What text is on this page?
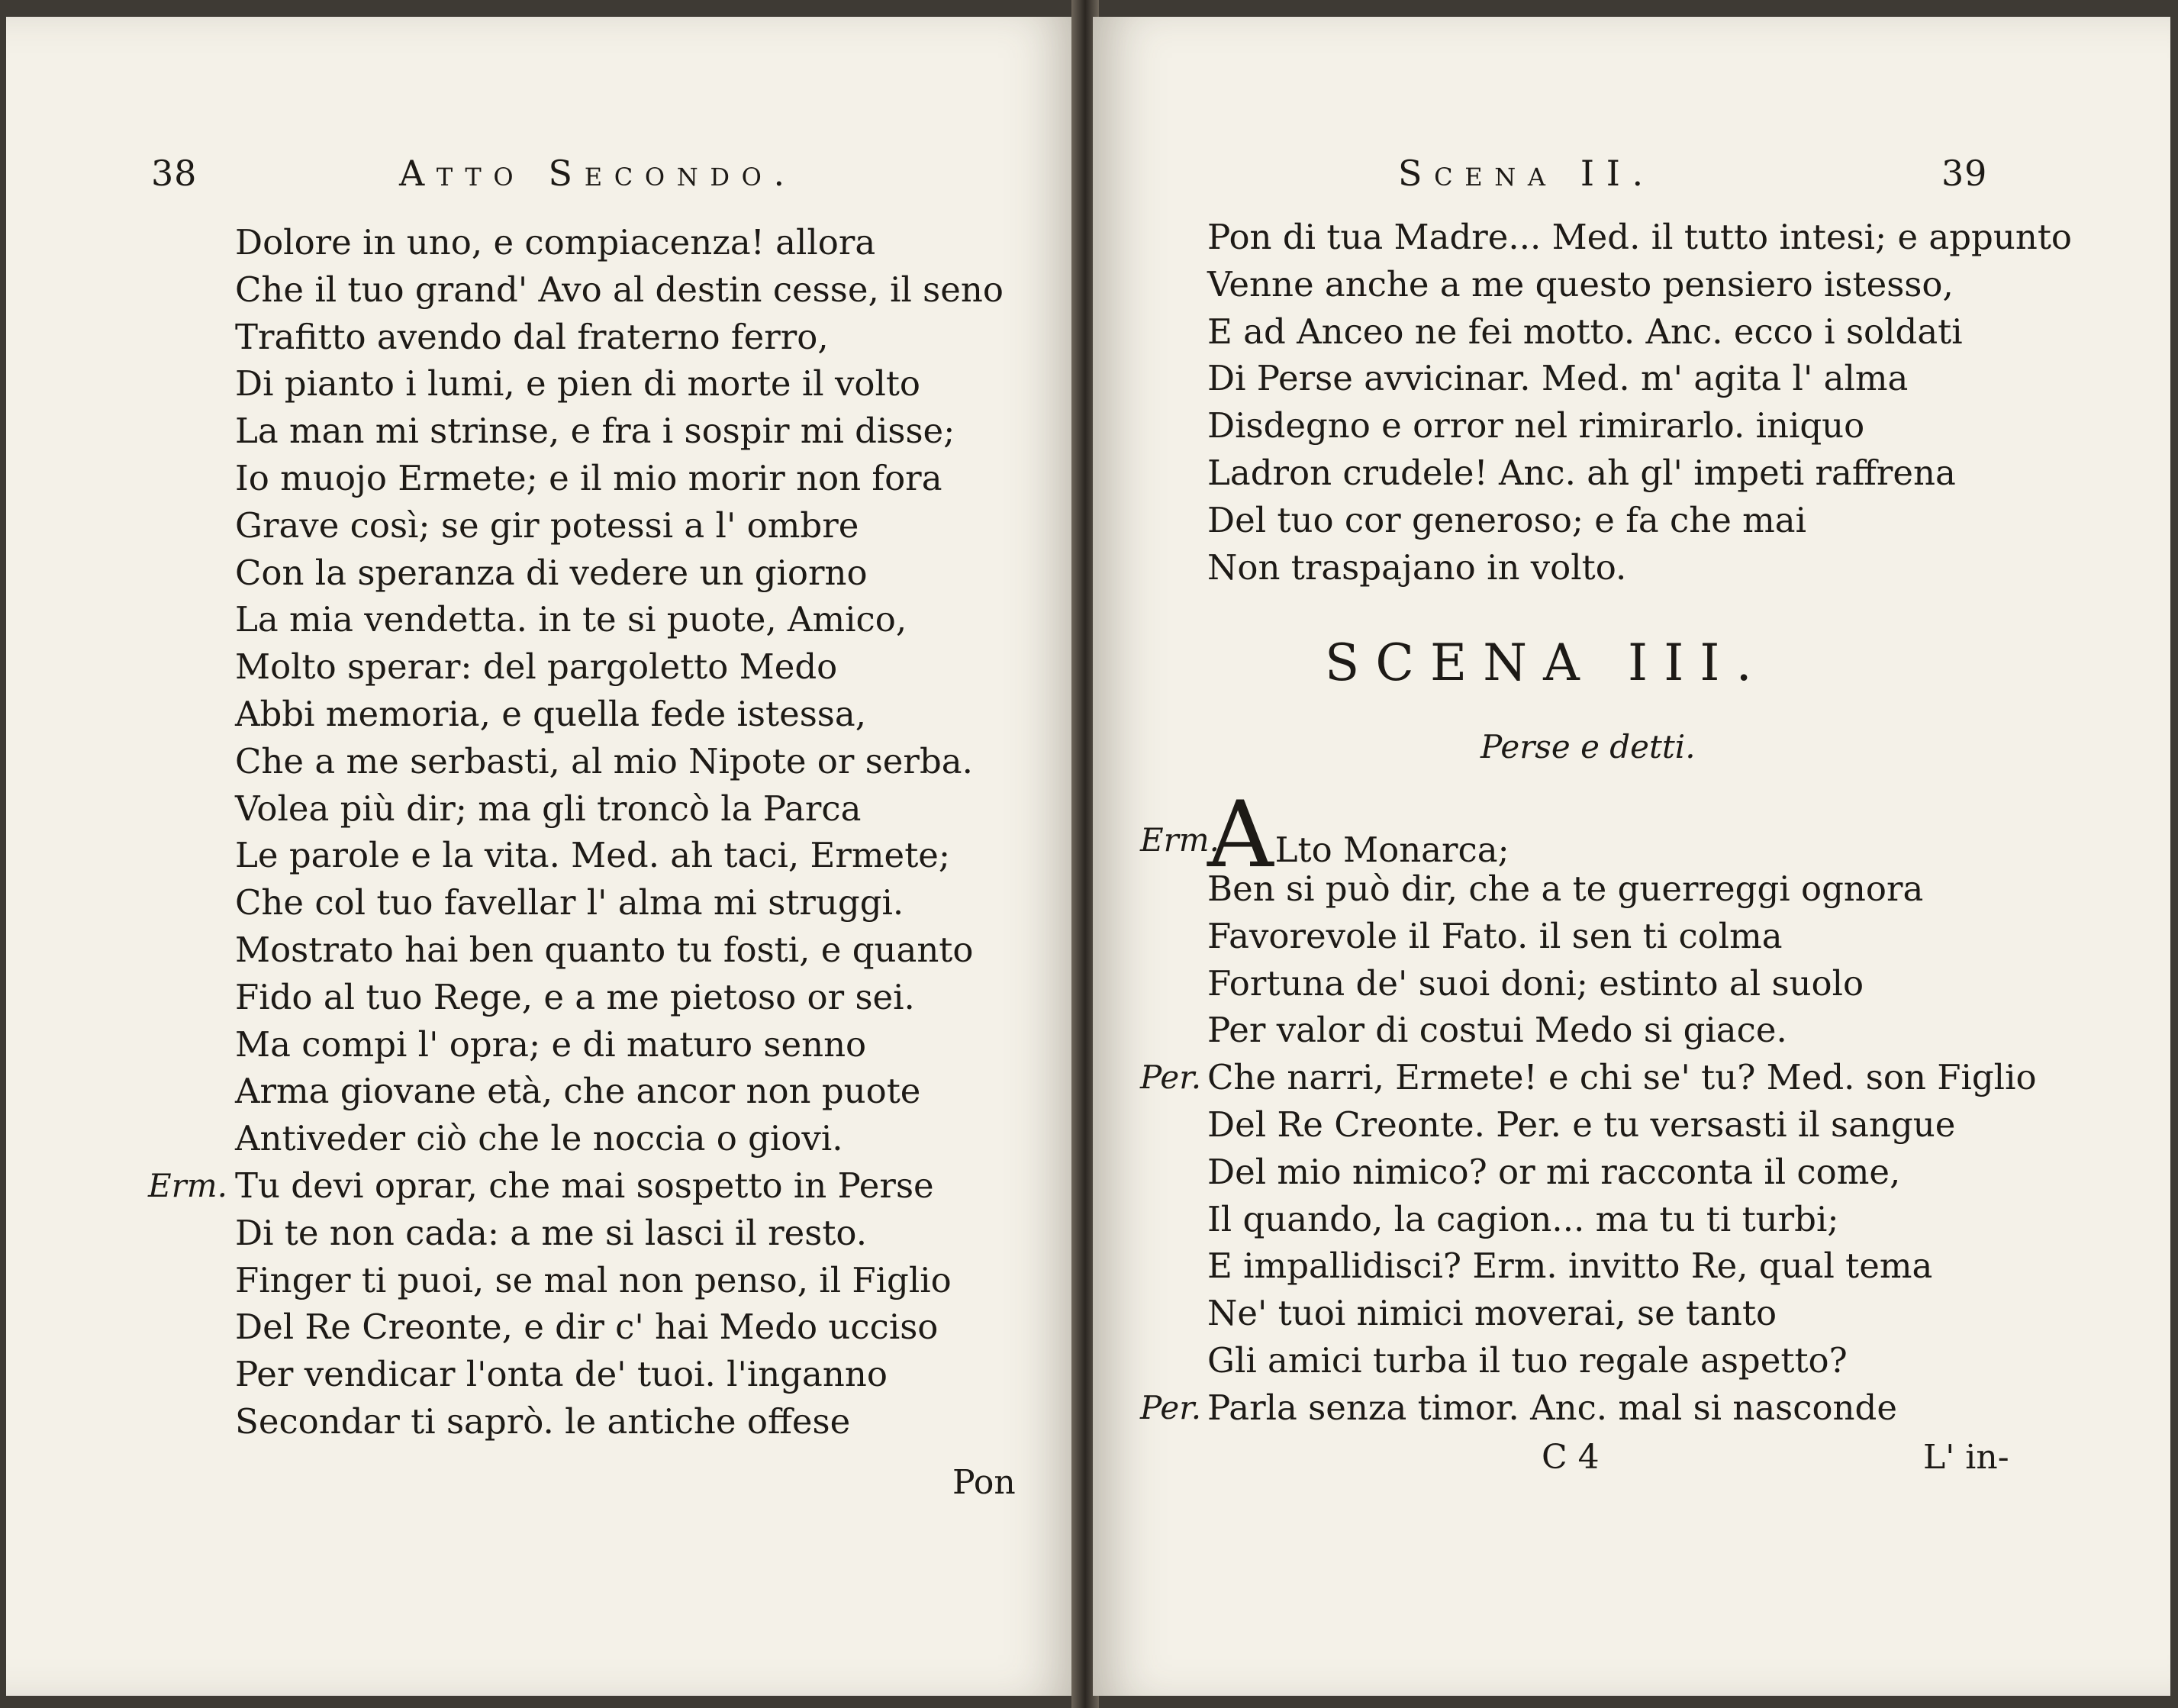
38	Atto Secondo.
Dolore in uno, e compiacenza! allora
Che il tuo grand' Avo al destin cesse, il seno
Trafitto avendo dal fraterno ferro,
Di pianto i lumi, e pien di morte il volto
La man mi strinse, e fra i sospir mi disse;
Io muojo Ermete; e il mio morir non fora
Grave così; se gir potessi a l' ombre
Con la speranza di vedere un giorno
La mia vendetta. in te si puote, Amico,
Molto sperar: del pargoletto Medo
Abbi memoria, e quella fede istessa,
Che a me serbasti, al mio Nipote or serba.
Volea più dir; ma gli troncò la Parca
Le parole e la vita. Med. ah taci, Ermete;
Che col tuo favellar l' alma mi struggi.
Mostrato hai ben quanto tu fosti, e quanto
Fido al tuo Rege, e a me pietoso or sei.
Ma compi l' opra; e di maturo senno
Arma giovane età, che ancor non puote
Antiveder ciò che le noccia o giovi.
Erm. Tu devi oprar, che mai sospetto in Perse
Di te non cada: a me si lasci il resto.
Finger ti puoi, se mal non penso, il Figlio
Del Re Creonte, e dir c' hai Medo ucciso
Per vendicar l'onta de' tuoi. l'inganno
Secondar ti saprò. le antiche offese
Pon
Scena II.	39
Pon di tua Madre... Med. il tutto intesi; e appunto
Venne anche a me questo pensiero istesso,
E ad Anceo ne fei motto. Anc. ecco i soldati
Di Perse avvicinar. Med. m' agita l' alma
Disdegno e orror nel rimirarlo. iniquo
Ladron crudele! Anc. ah gl' impeti raffrena
Del tuo cor generoso; e fa che mai
Non traspajano in volto.
SCENA III.
Perse e detti.
Erm.
ALto Monarca;
Ben si può dir, che a te guerreggi ognora
Favorevole il Fato. il sen ti colma
Fortuna de' suoi doni; estinto al suolo
Per valor di costui Medo si giace.
Per. Che narri, Ermete! e chi se' tu? Med. son Figlio
Del Re Creonte. Per. e tu versasti il sangue
Del mio nimico? or mi racconta il come,
Il quando, la cagion... ma tu ti turbi;
E impallidisci? Erm. invitto Re, qual tema
Ne' tuoi nimici moverai, se tanto
Gli amici turba il tuo regale aspetto?
Per. Parla senza timor. Anc. mal si nasconde
C 4	L' in-
